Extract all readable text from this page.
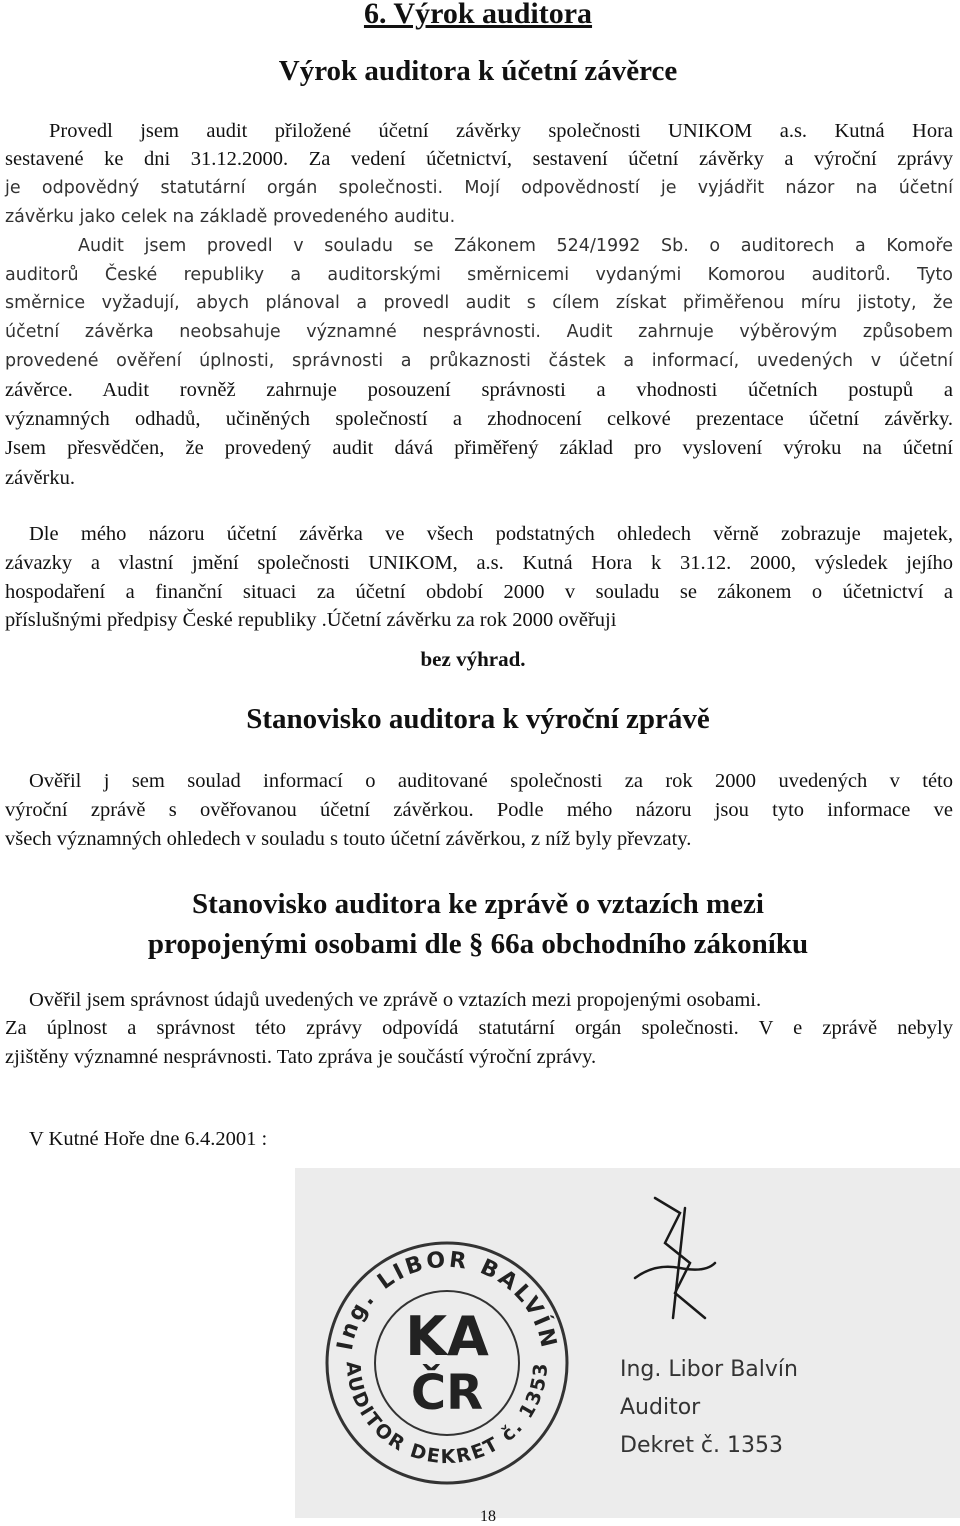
6. Výrok auditora
Výrok auditora k účetní závěrce
Provedl jsem audit přiložené účetní závěrky společnosti UNIKOM a.s. Kutná Hora
sestavené ke dni 31.12.2000. Za vedení účetnictví, sestavení účetní závěrky a výroční zprávy
je odpovědný statutární orgán společnosti. Mojí odpovědností je vyjádřit názor na účetní
závěrku jako celek na základě provedeného auditu.
Audit jsem provedl v souladu se Zákonem 524/1992 Sb. o auditorech a Komoře
auditorů České republiky a auditorskými směrnicemi vydanými Komorou auditorů. Tyto
směrnice vyžadují, abych plánoval a provedl audit s cílem získat přiměřenou míru jistoty, že
účetní závěrka neobsahuje významné nesprávnosti. Audit zahrnuje výběrovým způsobem
provedené ověření úplnosti, správnosti a průkaznosti částek a informací, uvedených v účetní
závěrce. Audit rovněž zahrnuje posouzení správnosti a vhodnosti účetních postupů a
významných odhadů, učiněných společností a zhodnocení celkové prezentace účetní závěrky.
Jsem přesvědčen, že provedený audit dává přiměřený základ pro vyslovení výroku na účetní
závěrku.
Dle mého názoru účetní závěrka ve všech podstatných ohledech věrně zobrazuje majetek,
závazky a vlastní jmění společnosti UNIKOM, a.s. Kutná Hora k 31.12. 2000, výsledek jejího
hospodaření a finanční situaci za účetní období 2000 v souladu se zákonem o účetnictví a
příslušnými předpisy České republiky .Účetní závěrku za rok 2000 ověřuji
bez výhrad.
Stanovisko auditora k výroční zprávě
Ověřil j sem soulad informací o auditované společnosti za rok 2000 uvedených v této
výroční zprávě s ověřovanou účetní závěrkou. Podle mého názoru jsou tyto informace ve
všech významných ohledech v souladu s touto účetní závěrkou, z níž byly převzaty.
Stanovisko auditora ke zprávě o vztazích mezi
propojenými osobami dle § 66a obchodního zákoníku
Ověřil jsem správnost údajů uvedených ve zprávě o vztazích mezi propojenými osobami.
Za úplnost a správnost této zprávy odpovídá statutární orgán společnosti. V e zprávě nebyly
zjištěny významné nesprávnosti. Tato zpráva je součástí výroční zprávy.
V Kutné Hoře dne 6.4.2001 :
Ing. LIBOR BALVÍN
AUDITOR DEKRET č. 1353
KA
ČR	Ing. Libor Balvín
Auditor
Dekret č. 1353
18
